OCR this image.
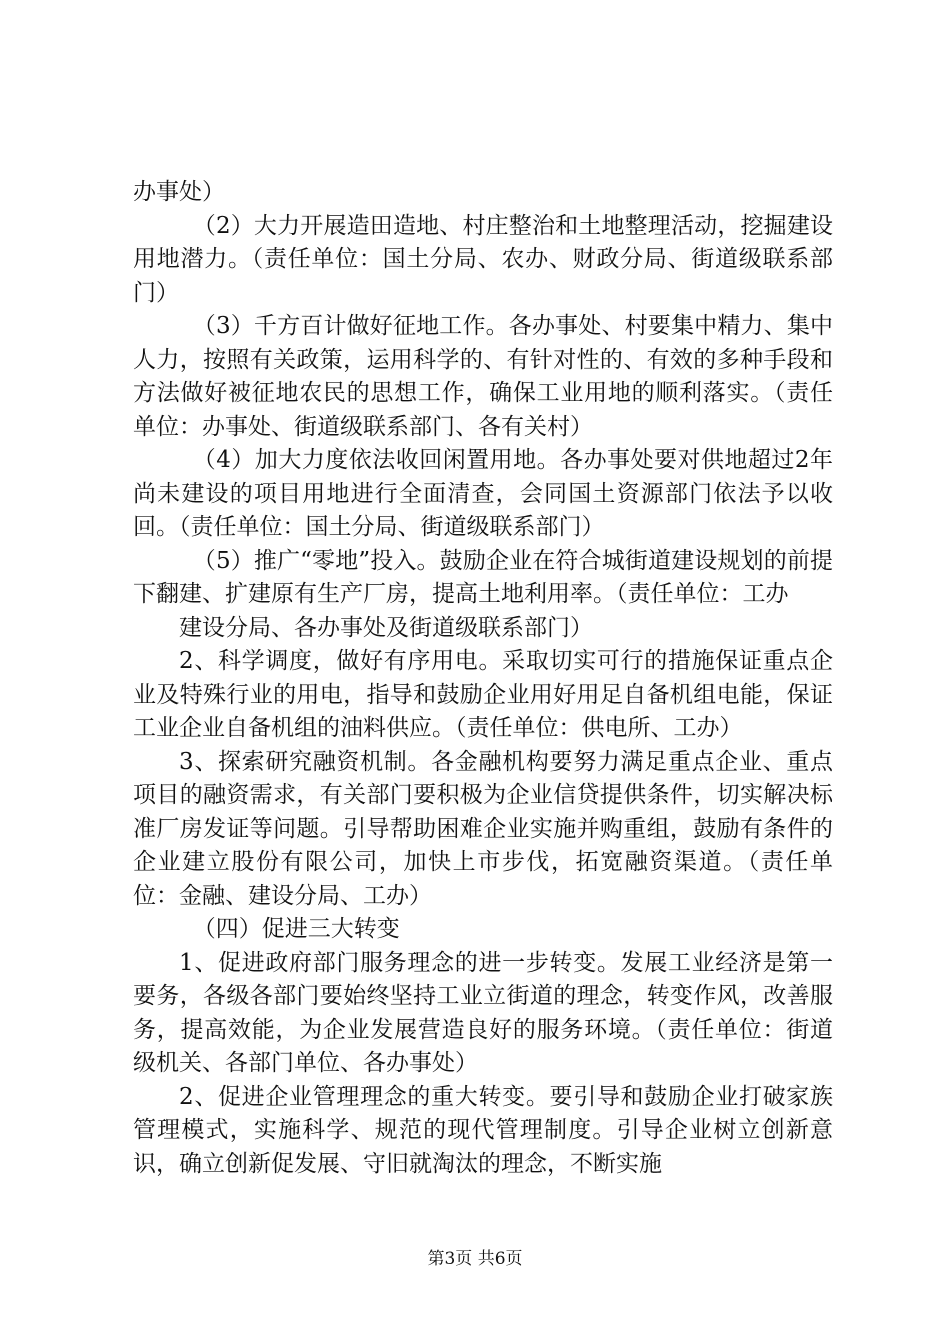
办事处）

（2）大力开展造田造地、村庄整治和土地整理活动，挖掘建设用地潜力。（责任单位：国土分局、农办、财政分局、街道级联系部门）

（3）千方百计做好征地工作。各办事处、村要集中精力、集中人力，按照有关政策，运用科学的、有针对性的、有效的多种手段和方法做好被征地农民的思想工作，确保工业用地的顺利落实。（责任单位：办事处、街道级联系部门、各有关村）

（4）加大力度依法收回闲置用地。各办事处要对供地超过2年尚未建设的项目用地进行全面清查，会同国土资源部门依法予以收回。（责任单位：国土分局、街道级联系部门）

（5）推广“零地”投入。鼓励企业在符合城街道建设规划的前提下翻建、扩建原有生产厂房，提高土地利用率。（责任单位：工办

建设分局、各办事处及街道级联系部门）

2、科学调度，做好有序用电。采取切实可行的措施保证重点企业及特殊行业的用电，指导和鼓励企业用好用足自备机组电能，保证工业企业自备机组的油料供应。（责任单位：供电所、工办）

3、探索研究融资机制。各金融机构要努力满足重点企业、重点项目的融资需求，有关部门要积极为企业信贷提供条件，切实解决标准厂房发证等问题。引导帮助困难企业实施并购重组，鼓励有条件的企业建立股份有限公司，加快上市步伐，拓宽融资渠道。（责任单位：金融、建设分局、工办）

（四）促进三大转变

1、促进政府部门服务理念的进一步转变。发展工业经济是第一要务，各级各部门要始终坚持工业立街道的理念，转变作风，改善服务，提高效能，为企业发展营造良好的服务环境。（责任单位：街道级机关、各部门单位、各办事处）

2、促进企业管理理念的重大转变。要引导和鼓励企业打破家族管理模式，实施科学、规范的现代管理制度。引导企业树立创新意识，确立创新促发展、守旧就淘汰的理念，不断实施

第3页 共6页
